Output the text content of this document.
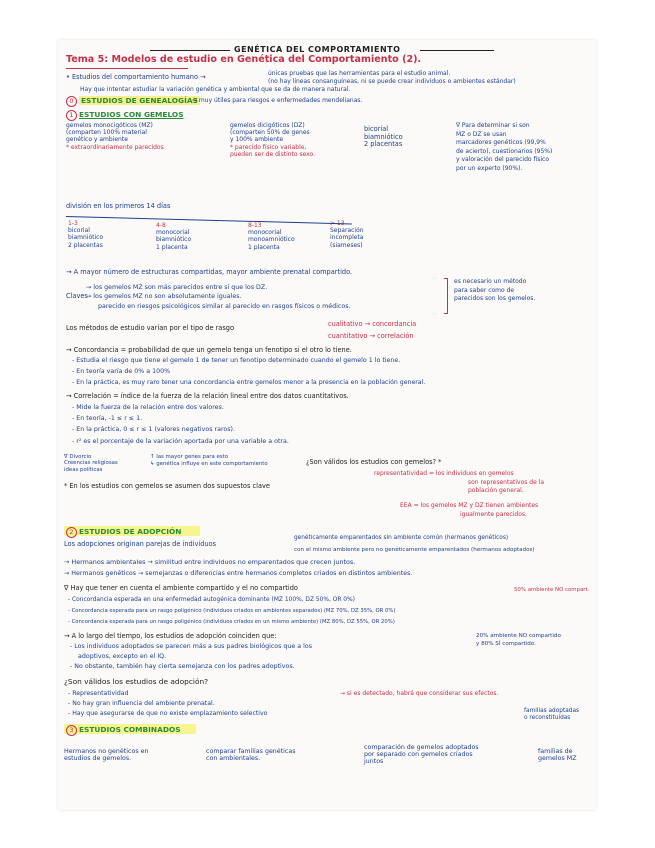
GENÉTICA DEL COMPORTAMIENTO
Tema 5: Modelos de estudio en Genética del Comportamiento (2).
• Estudios del comportamiento humano →	únicas pruebas que las herramientas para el estudio animal.
(no hay líneas consanguíneas, ni se puede crear individuos o ambientes estándar)
Hay que intentar estudiar la variación genética y ambiental que se da de manera natural.
0 ESTUDIOS DE GENEALOGÍAS
→ muy útiles para riesgos e enfermedades mendelianas.
1 ESTUDIOS CON GEMELOS
gemelos monocigóticos (MZ)
(comparten 100% material
genético y ambiente
* extraordinariamente parecidos
gemelos dicigóticos (DZ)
(comparten 50% de genes
y 100% ambiente
* parecido físico variable,
pueden ser de distinto sexo.
bicorial
biamniótico
2 placentas
∇ Para determinar si son
MZ o DZ se usan
marcadores genéticos (99,9%
de acierto), cuestionarios (95%)
y valoración del parecido físico
por un experto (90%).
división en los primeros 14 días
1-3
bicorial
biamniótico
2 placentas
4-8
monocorial
biamniótico
1 placenta
8-13
monocorial
monoamniótico
1 placenta
> 13
Separación
incompleta
(siameses)
→ A mayor número de estructuras compartidas, mayor ambiente prenatal compartido.
Claves
→ los gemelos MZ son más parecidos entre sí que los DZ.
→ los gemelos MZ no son absolutamente iguales.
parecido en riesgos psicológicos similar al parecido en rasgos físicos o médicos.
es necesario un método
para saber como de
parecidos son los gemelos.
Los métodos de estudio varían por el tipo de rasgo	cualitativo → concordancia
cuantitativo → correlación
→ Concordancia = probabilidad de que un gemelo tenga un fenotipo si el otro lo tiene.
- Estudia el riesgo que tiene el gemelo 1 de tener un fenotipo determinado cuando el gemelo 1 lo tiene.
- En teoría varía de 0% a 100%
- En la práctica, es muy raro tener una concordancia entre gemelos menor a la presencia en la población general.
→ Correlación = índice de la fuerza de la relación lineal entre dos datos cuantitativos.
- Mide la fuerza de la relación entre dos valores.
- En teoría, -1 ≤ r ≤ 1.
- En la práctica, 0 ≤ r ≤ 1 (valores negativos raros).
- r² es el porcentaje de la variación aportada por una variable a otra.
∇ Divorcio
Creencias religiosas
ideas políticas
↑ las mayor genes para esto
↳ genética influye en este comportamiento	¿Son válidos los estudios con gemelos? *
representatividad = los individuos en gemelos
son representativos de la
población general.
* En los estudios con gemelos se asumen dos supuestos clave
EEA = los gemelos MZ y DZ tienen ambientes
igualmente parecidos.
2 ESTUDIOS DE ADOPCIÓN
Los adopciones originan parejas de individuos
genéticamente emparentados sin ambiente común (hermanos genéticos)
con el mismo ambiente pero no genéticamente emparentados (hermanos adoptados)
→ Hermanos ambientales → similitud entre individuos no emparentados que crecen juntos.
→ Hermanos genéticos → semejanzas o diferencias entre hermanos completos criados en distintos ambientes.
∇ Hay que tener en cuenta el ambiente compartido y el no compartido	50% ambiente NO compart.
- Concordancia esperada en una enfermedad autogénica dominante (MZ 100%, DZ 50%, OR 0%)
- Concordancia esperada para un rasgo poligénico (individuos criados en ambientes separados) (MZ 70%, DZ 35%, OR 0%)
- Concordancia esperada para un rasgo poligénico (individuos criados en un mismo ambiente) (MZ 80%, DZ 55%, OR 20%)
→ A lo largo del tiempo, los estudios de adopción coinciden que:
- Los individuos adoptados se parecen más a sus padres biológicos que a los
adoptivos, excepto en el IQ.
- No obstante, también hay cierta semejanza con los padres adoptivos.
20% ambiente NO compartido
y 80% SÍ compartido.
¿Son válidos los estudios de adopción?
- Representatividad
- No hay gran influencia del ambiente prenatal.
- Hay que asegurarse de que no existe emplazamiento selectivo
→ si es detectado, habrá que considerar sus efectos.
familias adoptadas
o reconstituidas
3 ESTUDIOS COMBINADOS
Hermanos no genéticos en
estudios de gemelos.
comparar familias genéticas
con ambientales.
comparación de gemelos adoptados
por separado con gemelos criados
juntos
familias de
gemelos MZ
